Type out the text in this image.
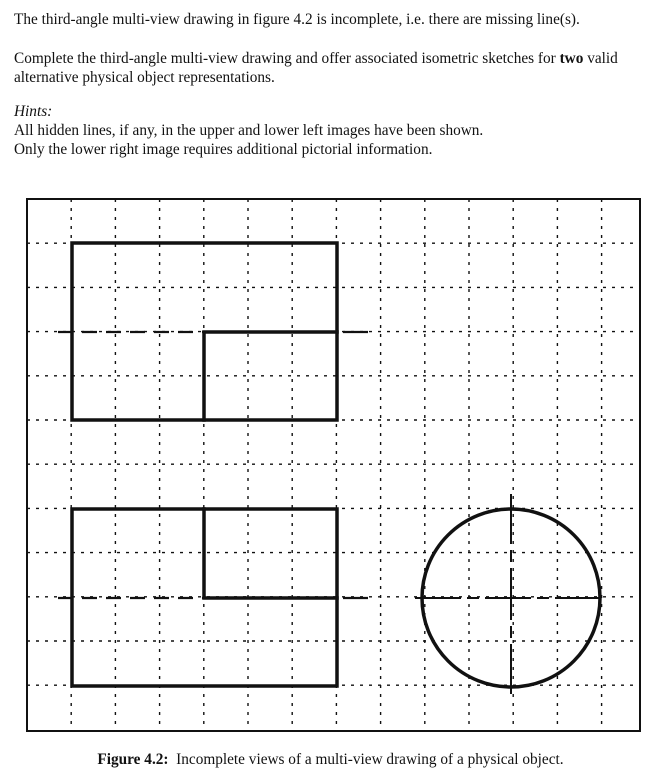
The third-angle multi-view drawing in figure 4.2 is incomplete, i.e. there are missing line(s).
Complete the third-angle multi-view drawing and offer associated isometric sketches for two valid
alternative physical object representations.
Hints:
All hidden lines, if any, in the upper and lower left images have been shown.
Only the lower right image requires additional pictorial information.
Figure 4.2:  Incomplete views of a multi-view drawing of a physical object.
